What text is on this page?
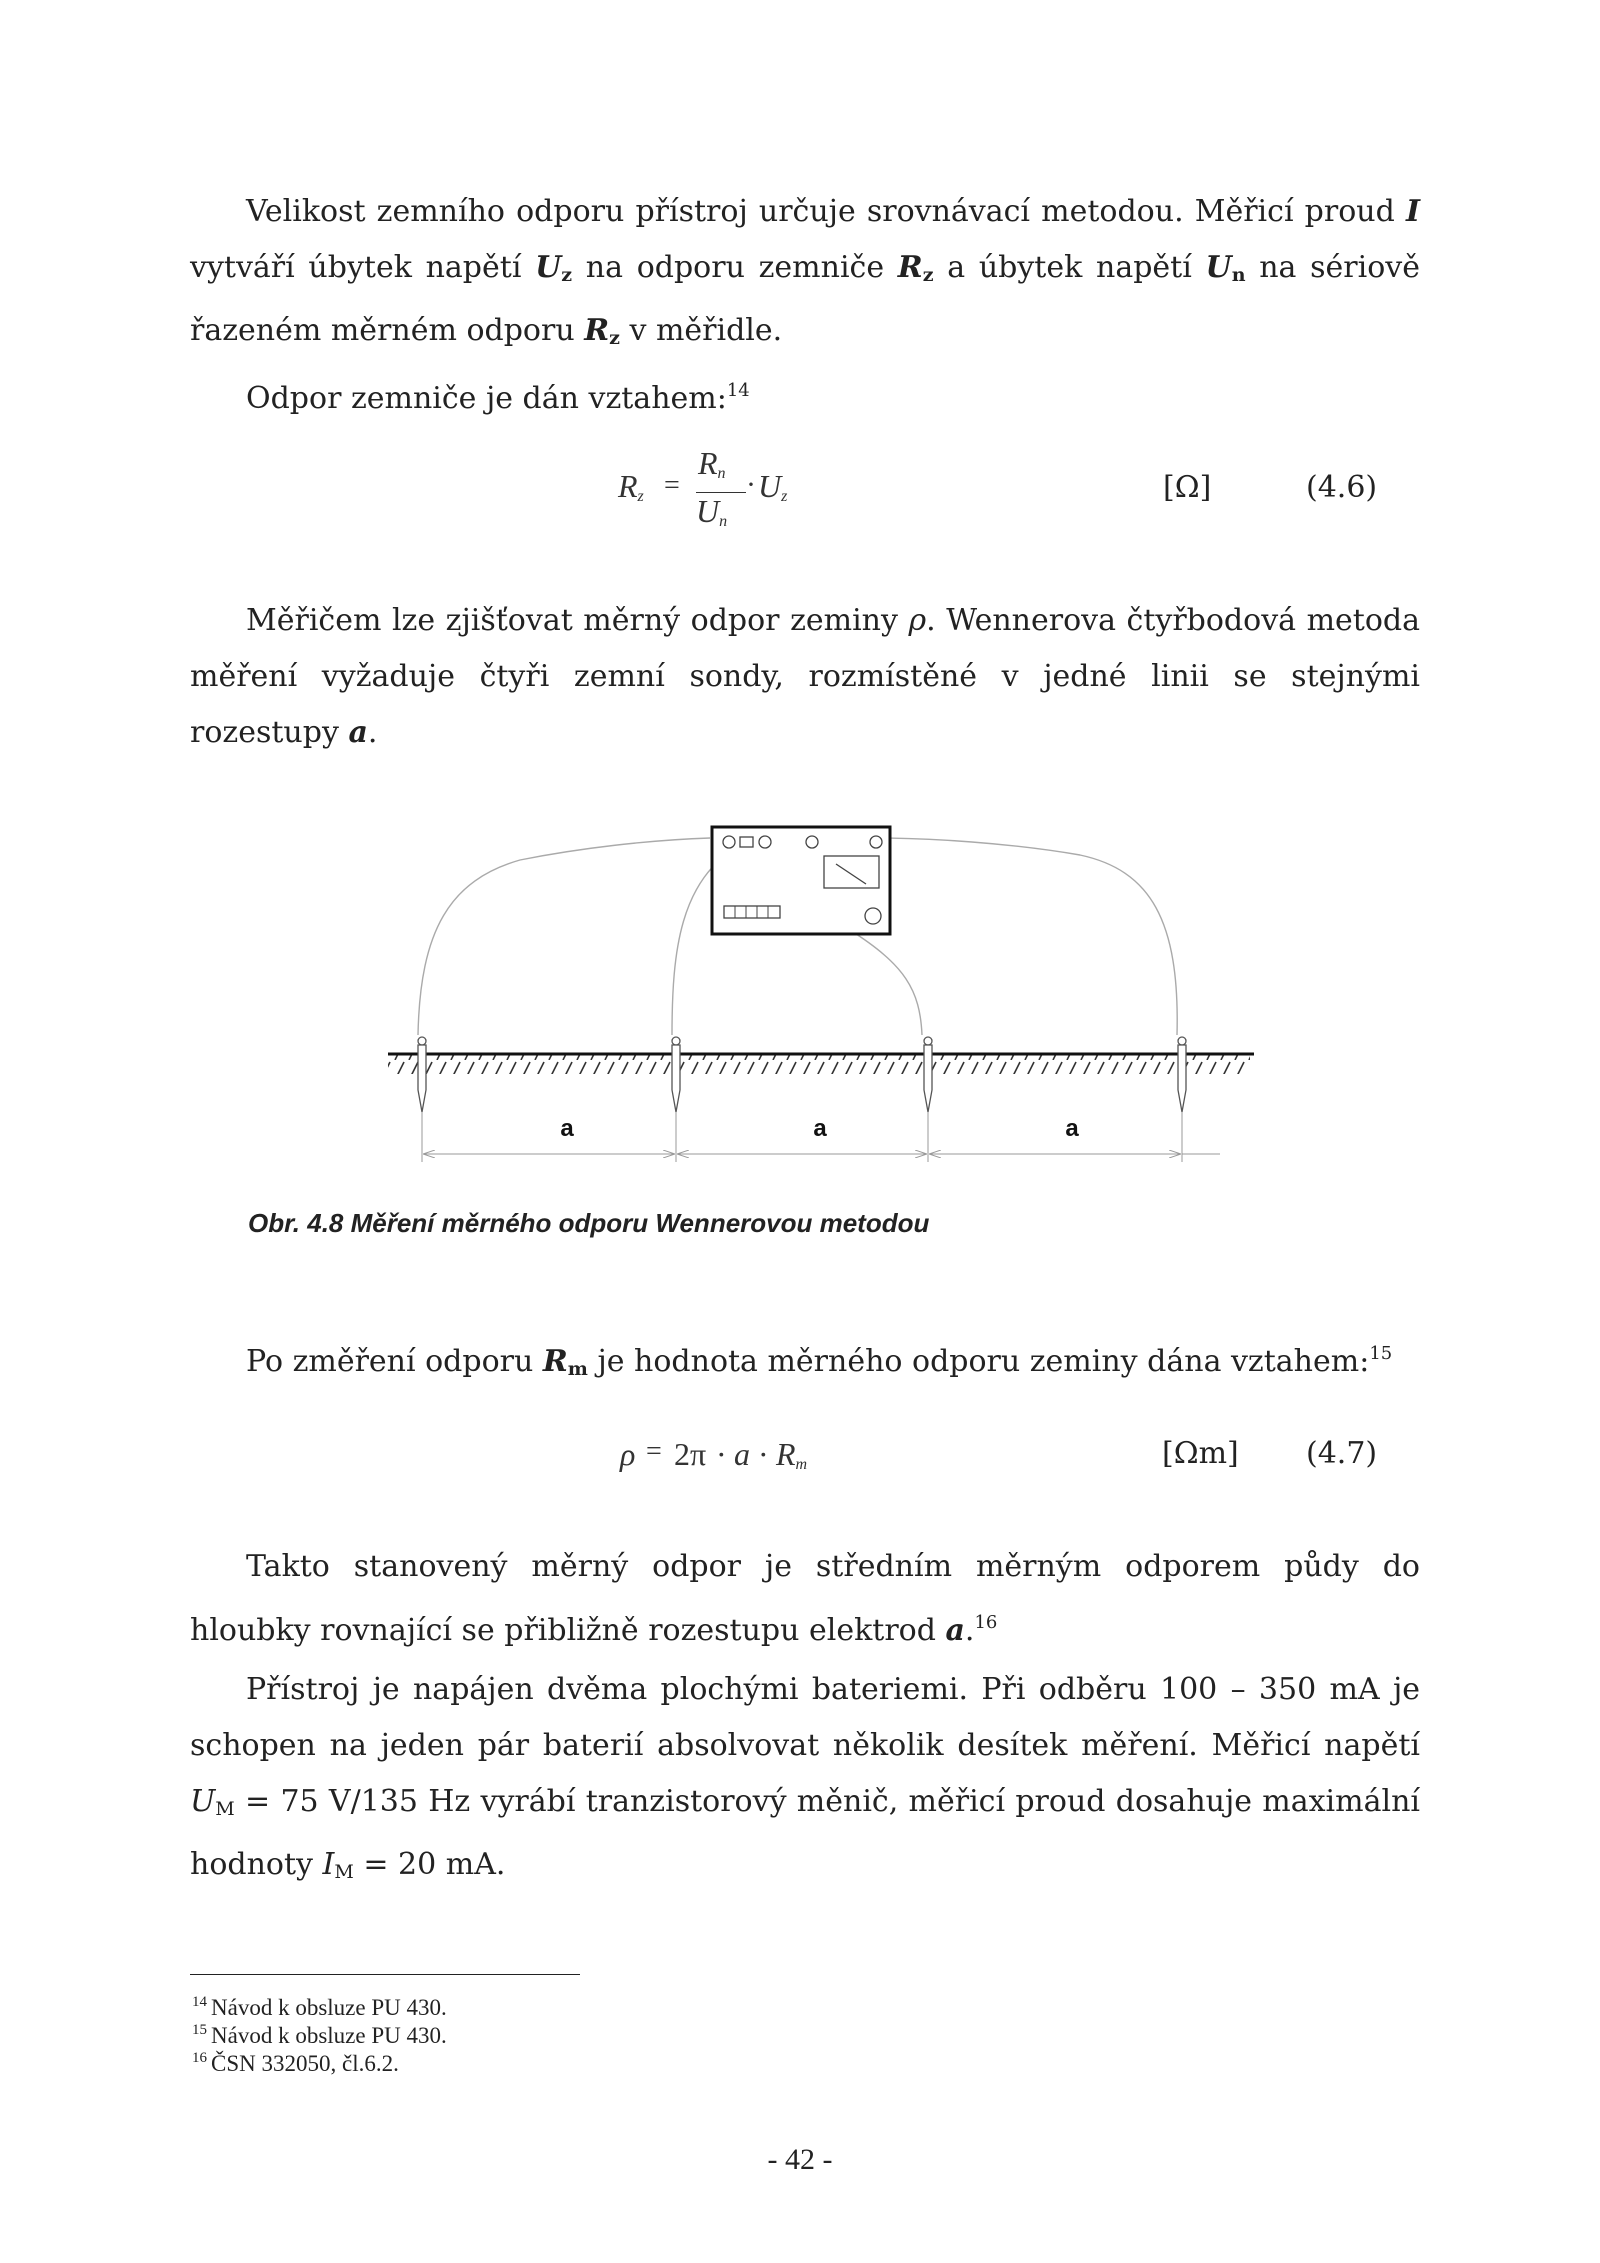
Velikost zemního odporu přístroj určuje srovnávací metodou. Měřicí proud I vytváří úbytek napětí $U_z$ na odporu zemniče $R_z$ a úbytek napětí $U_n$ na sériově řazeném měrném odporu $R_z$ v měřidle.
Odpor zemniče je dán vztahem:$^{14}$
$R_z$ =
$R_n$
$U_n$
· $U_z$	[Ω]	(4.6)
Měřičem lze zjišťovat měrný odpor zeminy ρ. Wennerova čtyřbodová metoda měření vyžaduje čtyři zemní sondy, rozmístěné v jedné linii se stejnými rozestupy a.
a	a	a
Obr. 4.8 Měření měrného odporu Wennerovou metodou
Po změření odporu $R_m$ je hodnota měrného odporu zeminy dána vztahem:$^{15}$
$\rho = 2\pi \cdot a \cdot R_m$	[Ωm] (4.7)
Takto stanovený měrný odpor je středním měrným odporem půdy do hloubky rovnající se přibližně rozestupu elektrod a.$^{16}$
Přístroj je napájen dvěma plochými bateriemi. Při odběru 100 – 350 mA je schopen na jeden pár baterií absolvovat několik desítek měření. Měřicí napětí $U_M = 75$ V/135 Hz vyrábí tranzistorový měnič, měřicí proud dosahuje maximální hodnoty $I_M = 20$ mA.
$^{14}$ Návod k obsluze PU 430.
$^{15}$ Návod k obsluze PU 430.
$^{16}$ ČSN 332050, čl.6.2.
- 42 -
